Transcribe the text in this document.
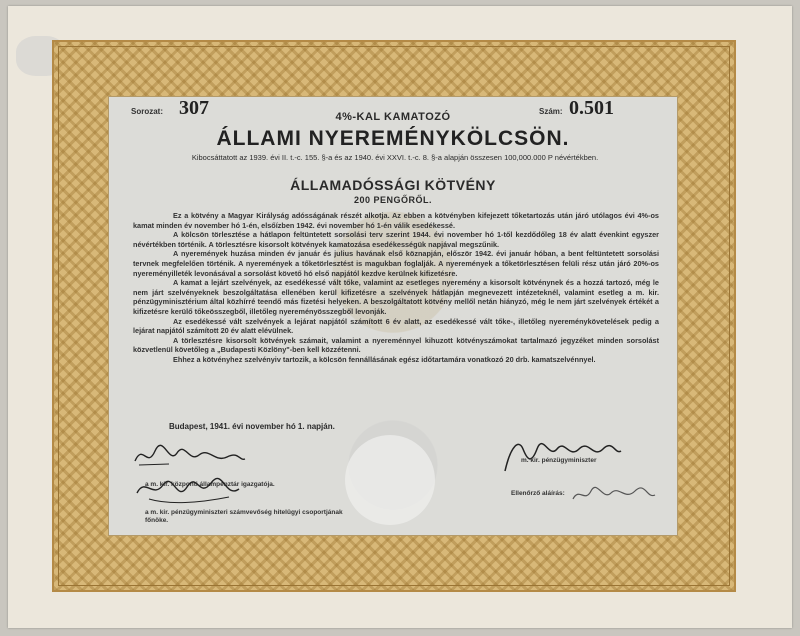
Sorozat: 307	4%-KAL KAMATOZÓ	Szám: 0.501
ÁLLAMI NYEREMÉNYKÖLCSÖN.
Kibocsáttatott az 1939. évi II. t.-c. 155. §-a és az 1940. évi XXVI. t.-c. 8. §-a alapján összesen 100,000.000 P névértékben.
ÁLLAMADÓSSÁGI KÖTVÉNY
200 PENGŐRŐL.

Ez a kötvény a Magyar Királyság adósságának részét alkotja. Az ebben a kötvényben kifejezett tőketartozás után járó utólagos évi 4%-os kamat minden év november hó 1-én, elsőízben 1942. évi november hó 1-én válik esedékessé.

A kölcsön törlesztése a hátlapon feltüntetett sorsolási terv szerint 1944. évi november hó 1-től kezdődőleg 18 év alatt évenkint egyszer névértékben történik. A törlesztésre kisorsolt kötvények kamatozása esedékességük napjával megszűnik.

A nyeremények huzása minden év január és julius havának első köznapján, először 1942. évi január hóban, a bent feltüntetett sorsolási tervnek megfelelően történik. A nyeremények a tőketörlesztést is magukban foglalják. A nyeremények a tőketörlesztésen felüli rész után járó 20%-os nyereményilleték levonásával a sorsolást követő hó első napjától kezdve kerülnek kifizetésre.

A kamat a lejárt szelvények, az esedékessé vált tőke, valamint az esetleges nyeremény a kisorsolt kötvénynek és a hozzá tartozó, még le nem járt szelvényeknek beszolgáltatása ellenében kerül kifizetésre a szelvények hátlapján megnevezett intézeteknél, valamint esetleg a m. kir. pénzügyminisztérium által közhírré teendő más fizetési helyeken. A beszolgáltatott kötvény mellől netán hiányzó, még le nem járt szelvények értékét a kifizetésre kerülő tőkeösszegből, illetőleg nyereményösszegből levonják.

Az esedékessé vált szelvények a lejárat napjától számított 6 év alatt, az esedékessé vált tőke-, illetőleg nyereménykövetelések pedig a lejárat napjától számított 20 év alatt elévülnek.

A törlesztésre kisorsolt kötvények számait, valamint a nyereménnyel kihuzott kötvényszámokat tartalmazó jegyzéket minden sorsolást közvetlenül követőleg a „Budapesti Közlöny"-ben kell közzétenni.

Ehhez a kötvényhez szelvényiv tartozik, a kölcsön fennállásának egész időtartamára vonatkozó 20 drb. kamatszelvénnyel.

Budapest, 1941. évi november hó 1. napján.
a m. kir. központi állampénztár igazgatója.
a m. kir. pénzügyminiszteri számvevőség hitelügyi csoportjának főnöke.
m. kir. pénzügyminiszter
Ellenőrző aláírás:
